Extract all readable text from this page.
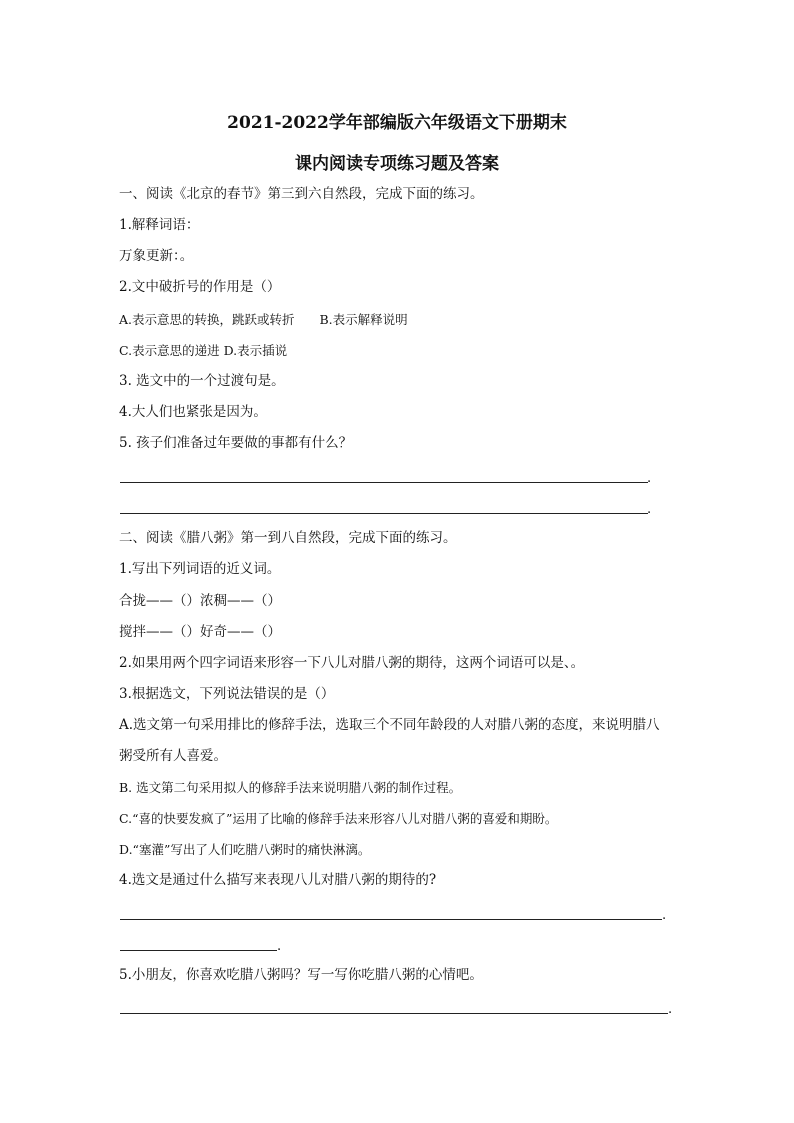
2021-2022学年部编版六年级语文下册期末
课内阅读专项练习题及答案
一、阅读《北京的春节》第三到六自然段，完成下面的练习。
1.解释词语：
万象更新：。
2.文中破折号的作用是（）
A.表示意思的转换，跳跃或转折　　B.表示解释说明
C.表示意思的递进 D.表示插说
3. 选文中的一个过渡句是。
4.大人们也紧张是因为。
5. 孩子们准备过年要做的事都有什么？
.
.
二、阅读《腊八粥》第一到八自然段，完成下面的练习。
1.写出下列词语的近义词。
合拢——（）浓稠——（）
搅拌——（）好奇——（）
2.如果用两个四字词语来形容一下八儿对腊八粥的期待，这两个词语可以是、。
3.根据选文，下列说法错误的是（）
A.选文第一句采用排比的修辞手法，选取三个不同年龄段的人对腊八粥的态度，来说明腊八
粥受所有人喜爱。
B. 选文第二句采用拟人的修辞手法来说明腊八粥的制作过程。
C.“喜的快要发疯了”运用了比喻的修辞手法来形容八儿对腊八粥的喜爱和期盼。
D.“塞灌”写出了人们吃腊八粥时的痛快淋漓。
4.选文是通过什么描写来表现八儿对腊八粥的期待的?
.
.
5.小朋友，你喜欢吃腊八粥吗？写一写你吃腊八粥的心情吧。
.
